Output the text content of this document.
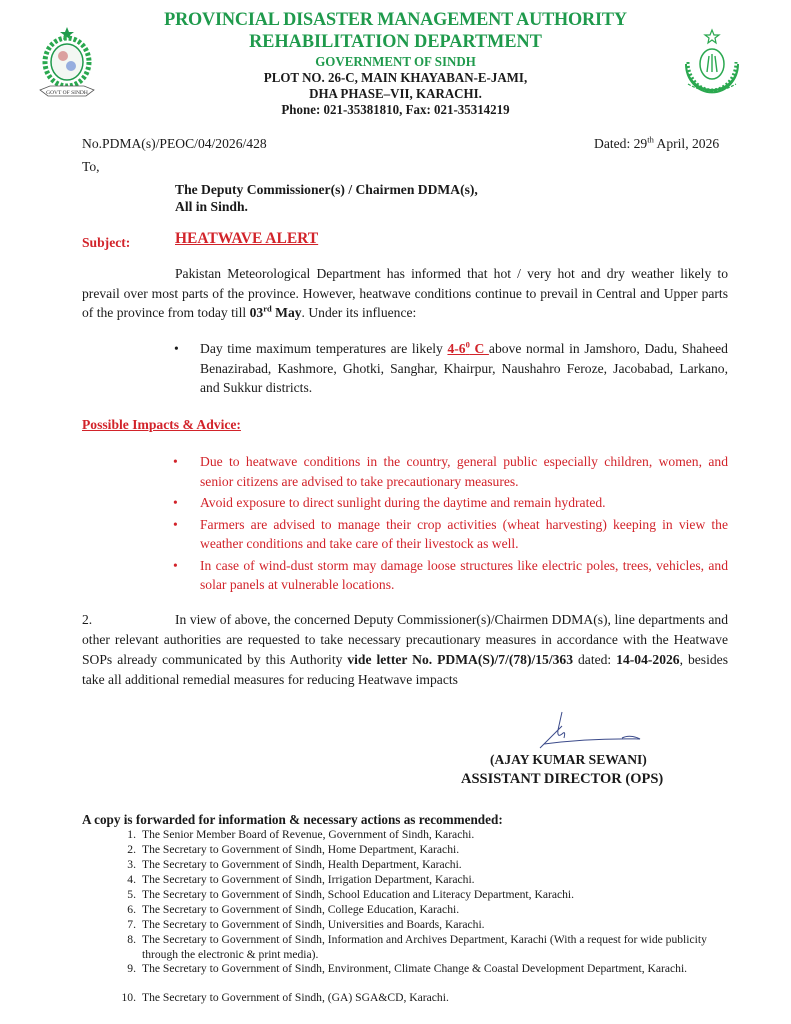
GOVT OF SINDH
PROVINCIAL DISASTER MANAGEMENT AUTHORITY
REHABILITATION DEPARTMENT
GOVERNMENT OF SINDH
PLOT NO. 26-C, MAIN KHAYABAN-E-JAMI,
DHA PHASE–VII, KARACHI.
Phone: 021-35381810, Fax: 021-35314219
No.PDMA(s)/PEOC/04/2026/428	Dated: 29th April, 2026
To,
The Deputy Commissioner(s) / Chairmen DDMA(s),
All in Sindh.
Subject:	HEATWAVE ALERT
Pakistan Meteorological Department has informed that hot / very hot and dry weather likely to prevail over most parts of the province. However, heatwave conditions continue to prevail in Central and Upper parts of the province from today till 03rd May. Under its influence:
• Day time maximum temperatures are likely $4-6^0$ C above normal in Jamshoro, Dadu, Shaheed Benazirabad, Kashmore, Ghotki, Sanghar, Khairpur, Naushahro Feroze, Jacobabad, Larkano, and Sukkur districts.
Possible Impacts & Advice:
• Due to heatwave conditions in the country, general public especially children, women, and senior citizens are advised to take precautionary measures.
• Avoid exposure to direct sunlight during the daytime and remain hydrated.
• Farmers are advised to manage their crop activities (wheat harvesting) keeping in view the weather conditions and take care of their livestock as well.
• In case of wind-dust storm may damage loose structures like electric poles, trees, vehicles, and solar panels at vulnerable locations.
2.	In view of above, the concerned Deputy Commissioner(s)/Chairmen DDMA(s), line departments and other relevant authorities are requested to take necessary precautionary measures in accordance with the Heatwave SOPs already communicated by this Authority vide letter No. PDMA(S)/7/(78)/15/363 dated: 14-04-2026, besides take all additional remedial measures for reducing Heatwave impacts
(AJAY KUMAR SEWANI)
ASSISTANT DIRECTOR (OPS)
A copy is forwarded for information & necessary actions as recommended:
1. The Senior Member Board of Revenue, Government of Sindh, Karachi.
2. The Secretary to Government of Sindh, Home Department, Karachi.
3. The Secretary to Government of Sindh, Health Department, Karachi.
4. The Secretary to Government of Sindh, Irrigation Department, Karachi.
5. The Secretary to Government of Sindh, School Education and Literacy Department, Karachi.
6. The Secretary to Government of Sindh, College Education, Karachi.
7. The Secretary to Government of Sindh, Universities and Boards, Karachi.
8. The Secretary to Government of Sindh, Information and Archives Department, Karachi (With a request for wide publicity through the electronic & print media).
9. The Secretary to Government of Sindh, Environment, Climate Change & Coastal Development Department, Karachi.
10. The Secretary to Government of Sindh, (GA) SGA&CD, Karachi.
